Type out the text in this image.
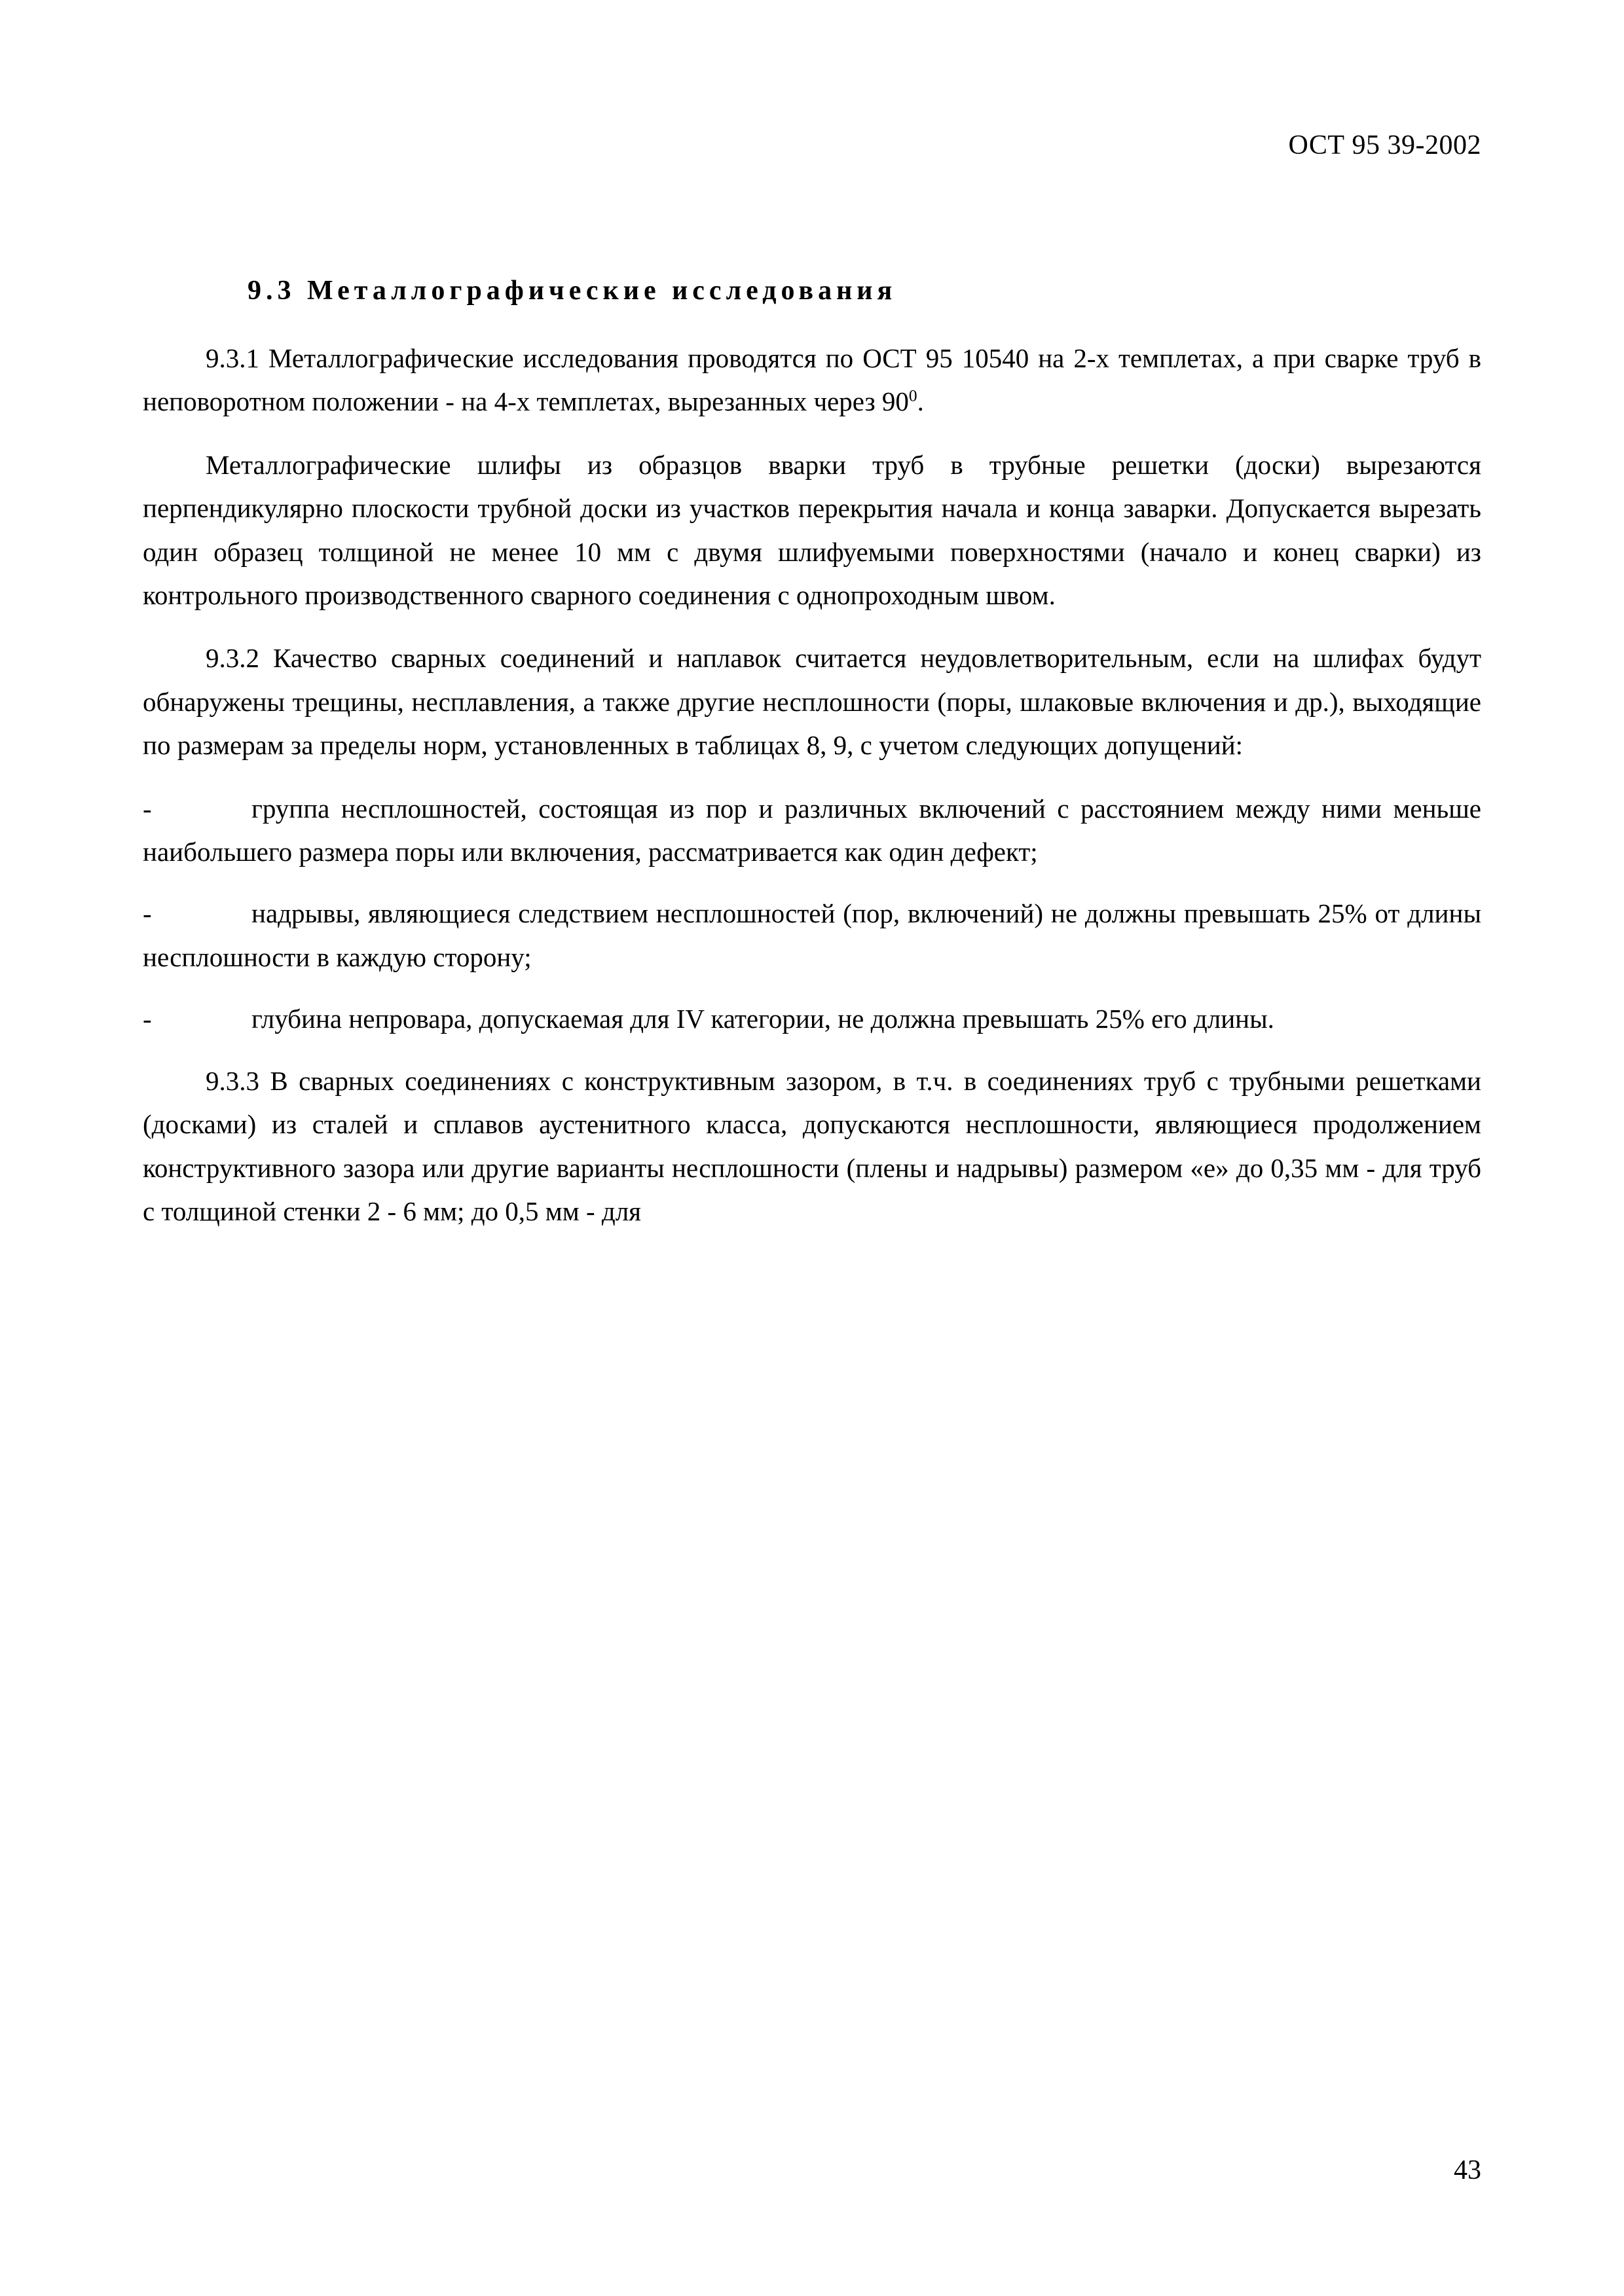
ОСТ 95 39-2002
9.3 Металлографические исследования

9.3.1 Металлографические исследования проводятся по ОСТ 95 10540 на 2-х темплетах, а при сварке труб в неповоротном положении - на 4-х темплетах, вырезанных через $90^0$.

Металлографические шлифы из образцов вварки труб в трубные решетки (доски) вырезаются перпендикулярно плоскости трубной доски из участков перекрытия начала и конца заварки. Допускается вырезать один образец толщиной не менее 10 мм с двумя шлифуемыми поверхностями (начало и конец сварки) из контрольного производственного сварного соединения с однопроходным швом.

9.3.2 Качество сварных соединений и наплавок считается неудовлетворительным, если на шлифах будут обнаружены трещины, несплавления, а также другие несплошности (поры, шлаковые включения и др.), выходящие по размерам за пределы норм, установленных в таблицах 8, 9, с учетом следующих допущений:

-	группа несплошностей, состоящая из пор и различных включений с расстоянием между ними меньше наибольшего размера поры или включения, рассматривается как один дефект;

-	надрывы, являющиеся следствием несплошностей (пор, включений) не должны превышать 25% от длины несплошности в каждую сторону;

-	глубина непровара, допускаемая для IV категории, не должна превышать 25% его длины.

9.3.3 В сварных соединениях с конструктивным зазором, в т.ч. в соединениях труб с трубными решетками (досками) из сталей и сплавов аустенитного класса, допускаются несплошности, являющиеся продолжением конструктивного зазора или другие варианты несплошности (плены и надрывы) размером «е» до 0,35 мм - для труб с толщиной стенки 2 - 6 мм; до 0,5 мм - для

43
